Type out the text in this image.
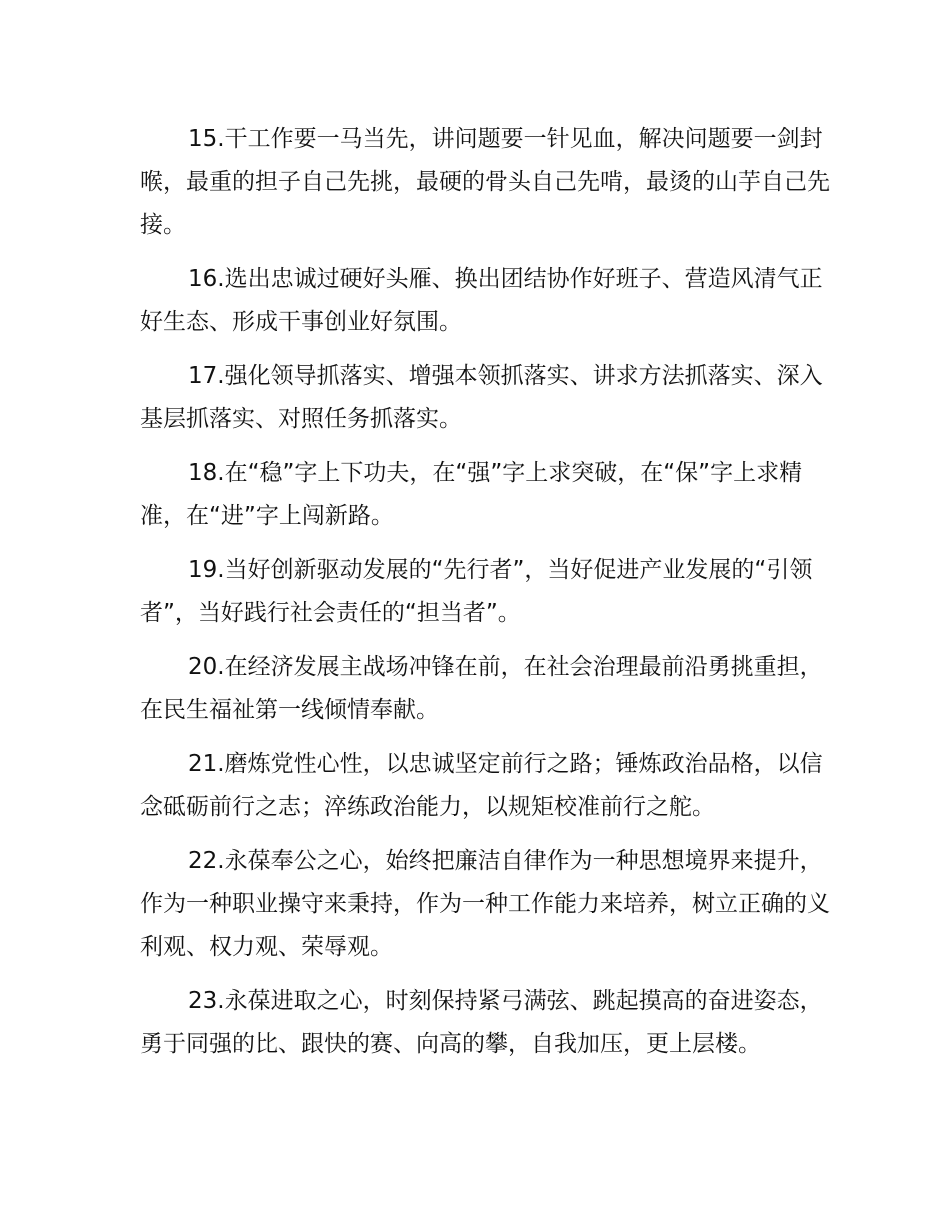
15.干工作要一马当先，讲问题要一针见血，解决问题要一剑封喉，最重的担子自己先挑，最硬的骨头自己先啃，最烫的山芋自己先接。

16.选出忠诚过硬好头雁、换出团结协作好班子、营造风清气正好生态、形成干事创业好氛围。

17.强化领导抓落实、增强本领抓落实、讲求方法抓落实、深入基层抓落实、对照任务抓落实。

18.在“稳”字上下功夫，在“强”字上求突破，在“保”字上求精准，在“进”字上闯新路。

19.当好创新驱动发展的“先行者”，当好促进产业发展的“引领者”，当好践行社会责任的“担当者”。

20.在经济发展主战场冲锋在前，在社会治理最前沿勇挑重担，在民生福祉第一线倾情奉献。

21.磨炼党性心性，以忠诚坚定前行之路；锤炼政治品格，以信念砥砺前行之志；淬练政治能力，以规矩校准前行之舵。

22.永葆奉公之心，始终把廉洁自律作为一种思想境界来提升，作为一种职业操守来秉持，作为一种工作能力来培养，树立正确的义利观、权力观、荣辱观。

23.永葆进取之心，时刻保持紧弓满弦、跳起摸高的奋进姿态，勇于同强的比、跟快的赛、向高的攀，自我加压，更上层楼。
